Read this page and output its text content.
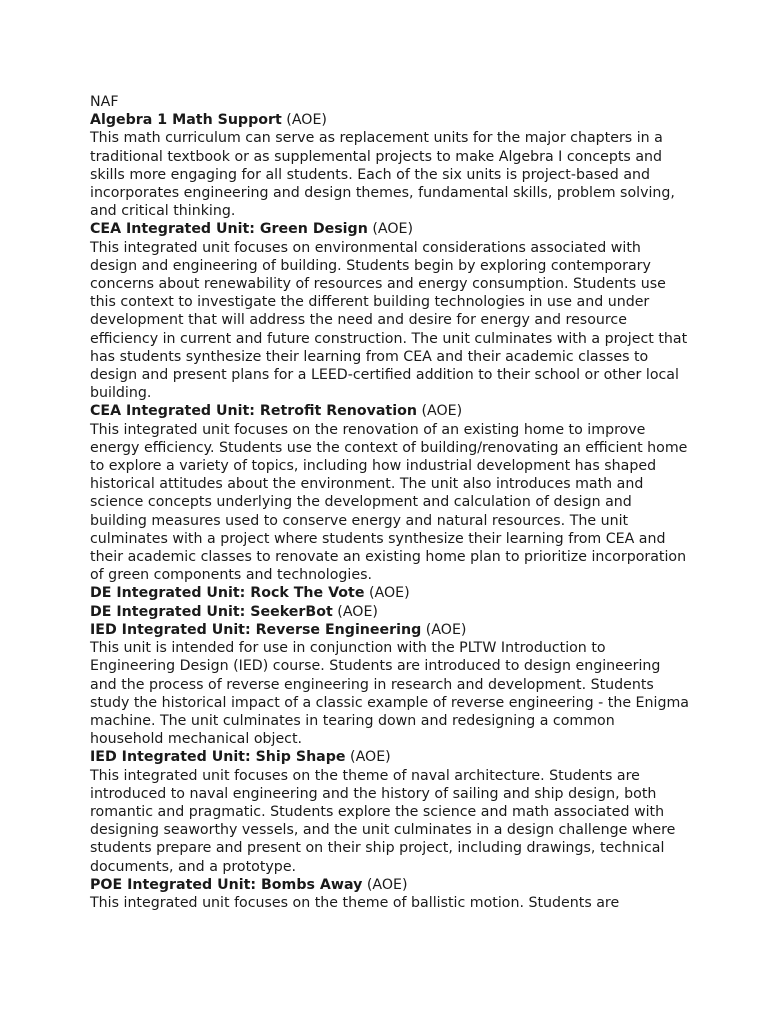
NAF

Algebra 1 Math Support (AOE)

This math curriculum can serve as replacement units for the major chapters in a traditional textbook or as supplemental projects to make Algebra I concepts and skills more engaging for all students. Each of the six units is project-based and incorporates engineering and design themes, fundamental skills, problem solving, and critical thinking.

CEA Integrated Unit: Green Design (AOE)

This integrated unit focuses on environmental considerations associated with design and engineering of building. Students begin by exploring contemporary concerns about renewability of resources and energy consumption. Students use this context to investigate the different building technologies in use and under development that will address the need and desire for energy and resource efficiency in current and future construction. The unit culminates with a project that has students synthesize their learning from CEA and their academic classes to design and present plans for a LEED-certified addition to their school or other local building.

CEA Integrated Unit: Retrofit Renovation (AOE)

This integrated unit focuses on the renovation of an existing home to improve energy efficiency. Students use the context of building/renovating an efficient home to explore a variety of topics, including how industrial development has shaped historical attitudes about the environment. The unit also introduces math and science concepts underlying the development and calculation of design and building measures used to conserve energy and natural resources. The unit culminates with a project where students synthesize their learning from CEA and their academic classes to renovate an existing home plan to prioritize incorporation of green components and technologies.

DE Integrated Unit: Rock The Vote (AOE)

DE Integrated Unit: SeekerBot (AOE)

IED Integrated Unit: Reverse Engineering (AOE)

This unit is intended for use in conjunction with the PLTW Introduction to Engineering Design (IED) course. Students are introduced to design engineering and the process of reverse engineering in research and development. Students study the historical impact of a classic example of reverse engineering - the Enigma machine. The unit culminates in tearing down and redesigning a common household mechanical object.

IED Integrated Unit: Ship Shape (AOE)

This integrated unit focuses on the theme of naval architecture. Students are introduced to naval engineering and the history of sailing and ship design, both romantic and pragmatic. Students explore the science and math associated with designing seaworthy vessels, and the unit culminates in a design challenge where students prepare and present on their ship project, including drawings, technical documents, and a prototype.

POE Integrated Unit: Bombs Away (AOE)

This integrated unit focuses on the theme of ballistic motion. Students are
